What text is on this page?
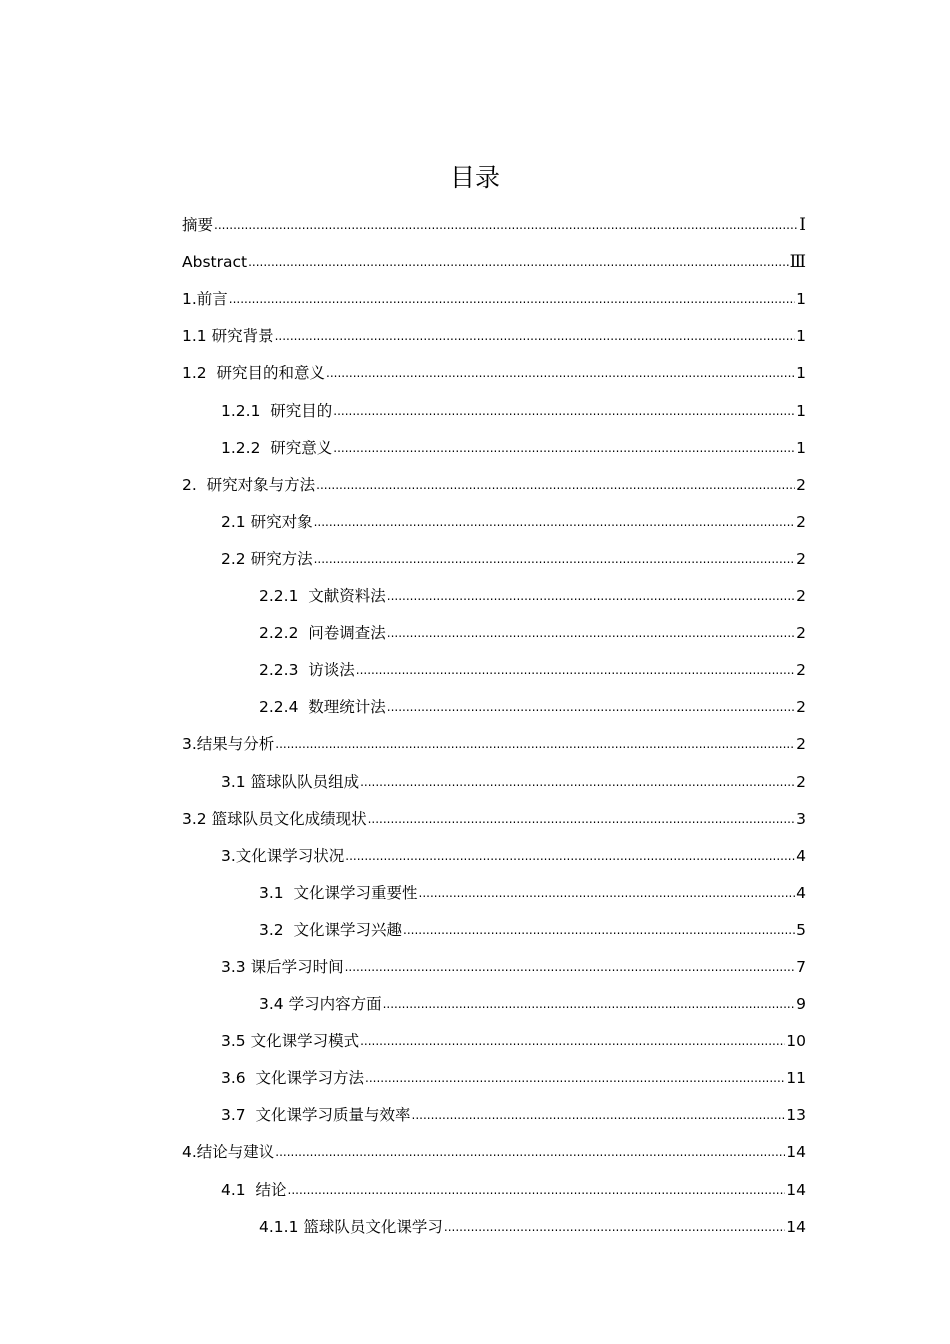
目录
摘要 .....	Ⅰ
Abstract .....	Ⅲ
1.前言 .....	1
1.1 研究背景 .....	1
1.2  研究目的和意义 .....	1
1.2.1  研究目的 .....	1
1.2.2  研究意义 .....	1
2.  研究对象与方法 .....	2
2.1 研究对象 .....	2
2.2 研究方法 .....	2
2.2.1  文献资料法 .....	2
2.2.2  问卷调查法 .....	2
2.2.3  访谈法 .....	2
2.2.4  数理统计法 .....	2
3.结果与分析 .....	2
3.1 篮球队队员组成 .....	2
3.2 篮球队员文化成绩现状 .....	3
3.文化课学习状况 .....	4
3.1  文化课学习重要性 .....	4
3.2  文化课学习兴趣 .....	5
3.3 课后学习时间 .....	7
3.4 学习内容方面 .....	9
3.5 文化课学习模式 .....	10
3.6  文化课学习方法 .....	11
3.7  文化课学习质量与效率 .....	13
4.结论与建议 .....	14
4.1  结论 .....	14
4.1.1 篮球队员文化课学习 .....	14
